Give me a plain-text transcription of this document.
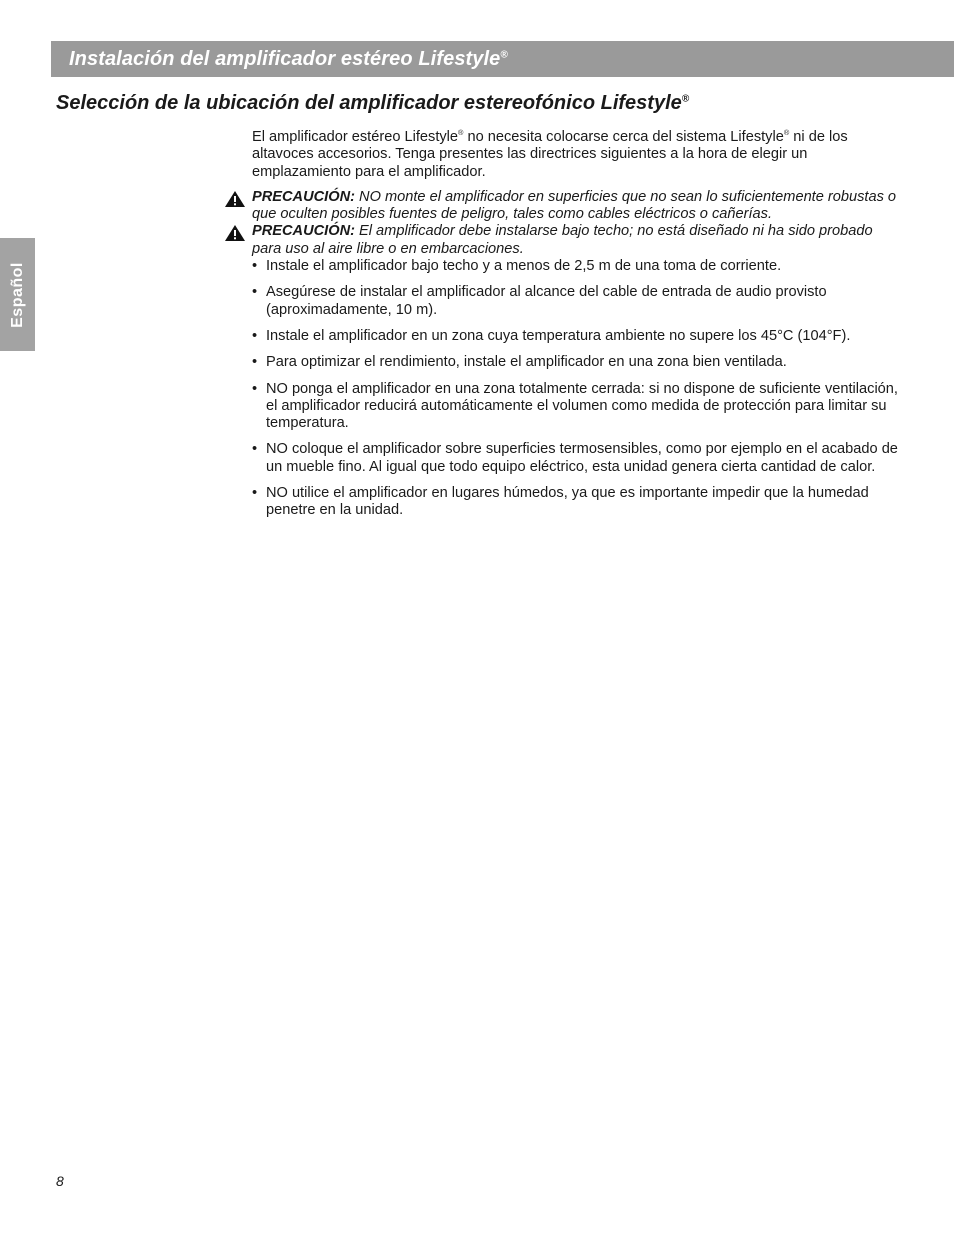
Instalación del amplificador estéreo Lifestyle®
Español
Selección de la ubicación del amplificador estereofónico Lifestyle®

El amplificador estéreo Lifestyle® no necesita colocarse cerca del sistema Lifestyle® ni de los altavoces accesorios. Tenga presentes las directrices siguientes a la hora de elegir un emplazamiento para el amplificador.

PRECAUCIÓN: NO monte el amplificador en superficies que no sean lo suficientemente robustas o que oculten posibles fuentes de peligro, tales como cables eléctricos o cañerías.

PRECAUCIÓN: El amplificador debe instalarse bajo techo; no está diseñado ni ha sido probado para uso al aire libre o en embarcaciones.

• Instale el amplificador bajo techo y a menos de 2,5 m de una toma de corriente.
• Asegúrese de instalar el amplificador al alcance del cable de entrada de audio provisto (aproximadamente, 10 m).
• Instale el amplificador en un zona cuya temperatura ambiente no supere los 45°C (104°F).
• Para optimizar el rendimiento, instale el amplificador en una zona bien ventilada.
• NO ponga el amplificador en una zona totalmente cerrada: si no dispone de suficiente ventilación, el amplificador reducirá automáticamente el volumen como medida de protección para limitar su temperatura.
• NO coloque el amplificador sobre superficies termosensibles, como por ejemplo en el acabado de un mueble fino. Al igual que todo equipo eléctrico, esta unidad genera cierta cantidad de calor.
• NO utilice el amplificador en lugares húmedos, ya que es importante impedir que la humedad penetre en la unidad.
8
